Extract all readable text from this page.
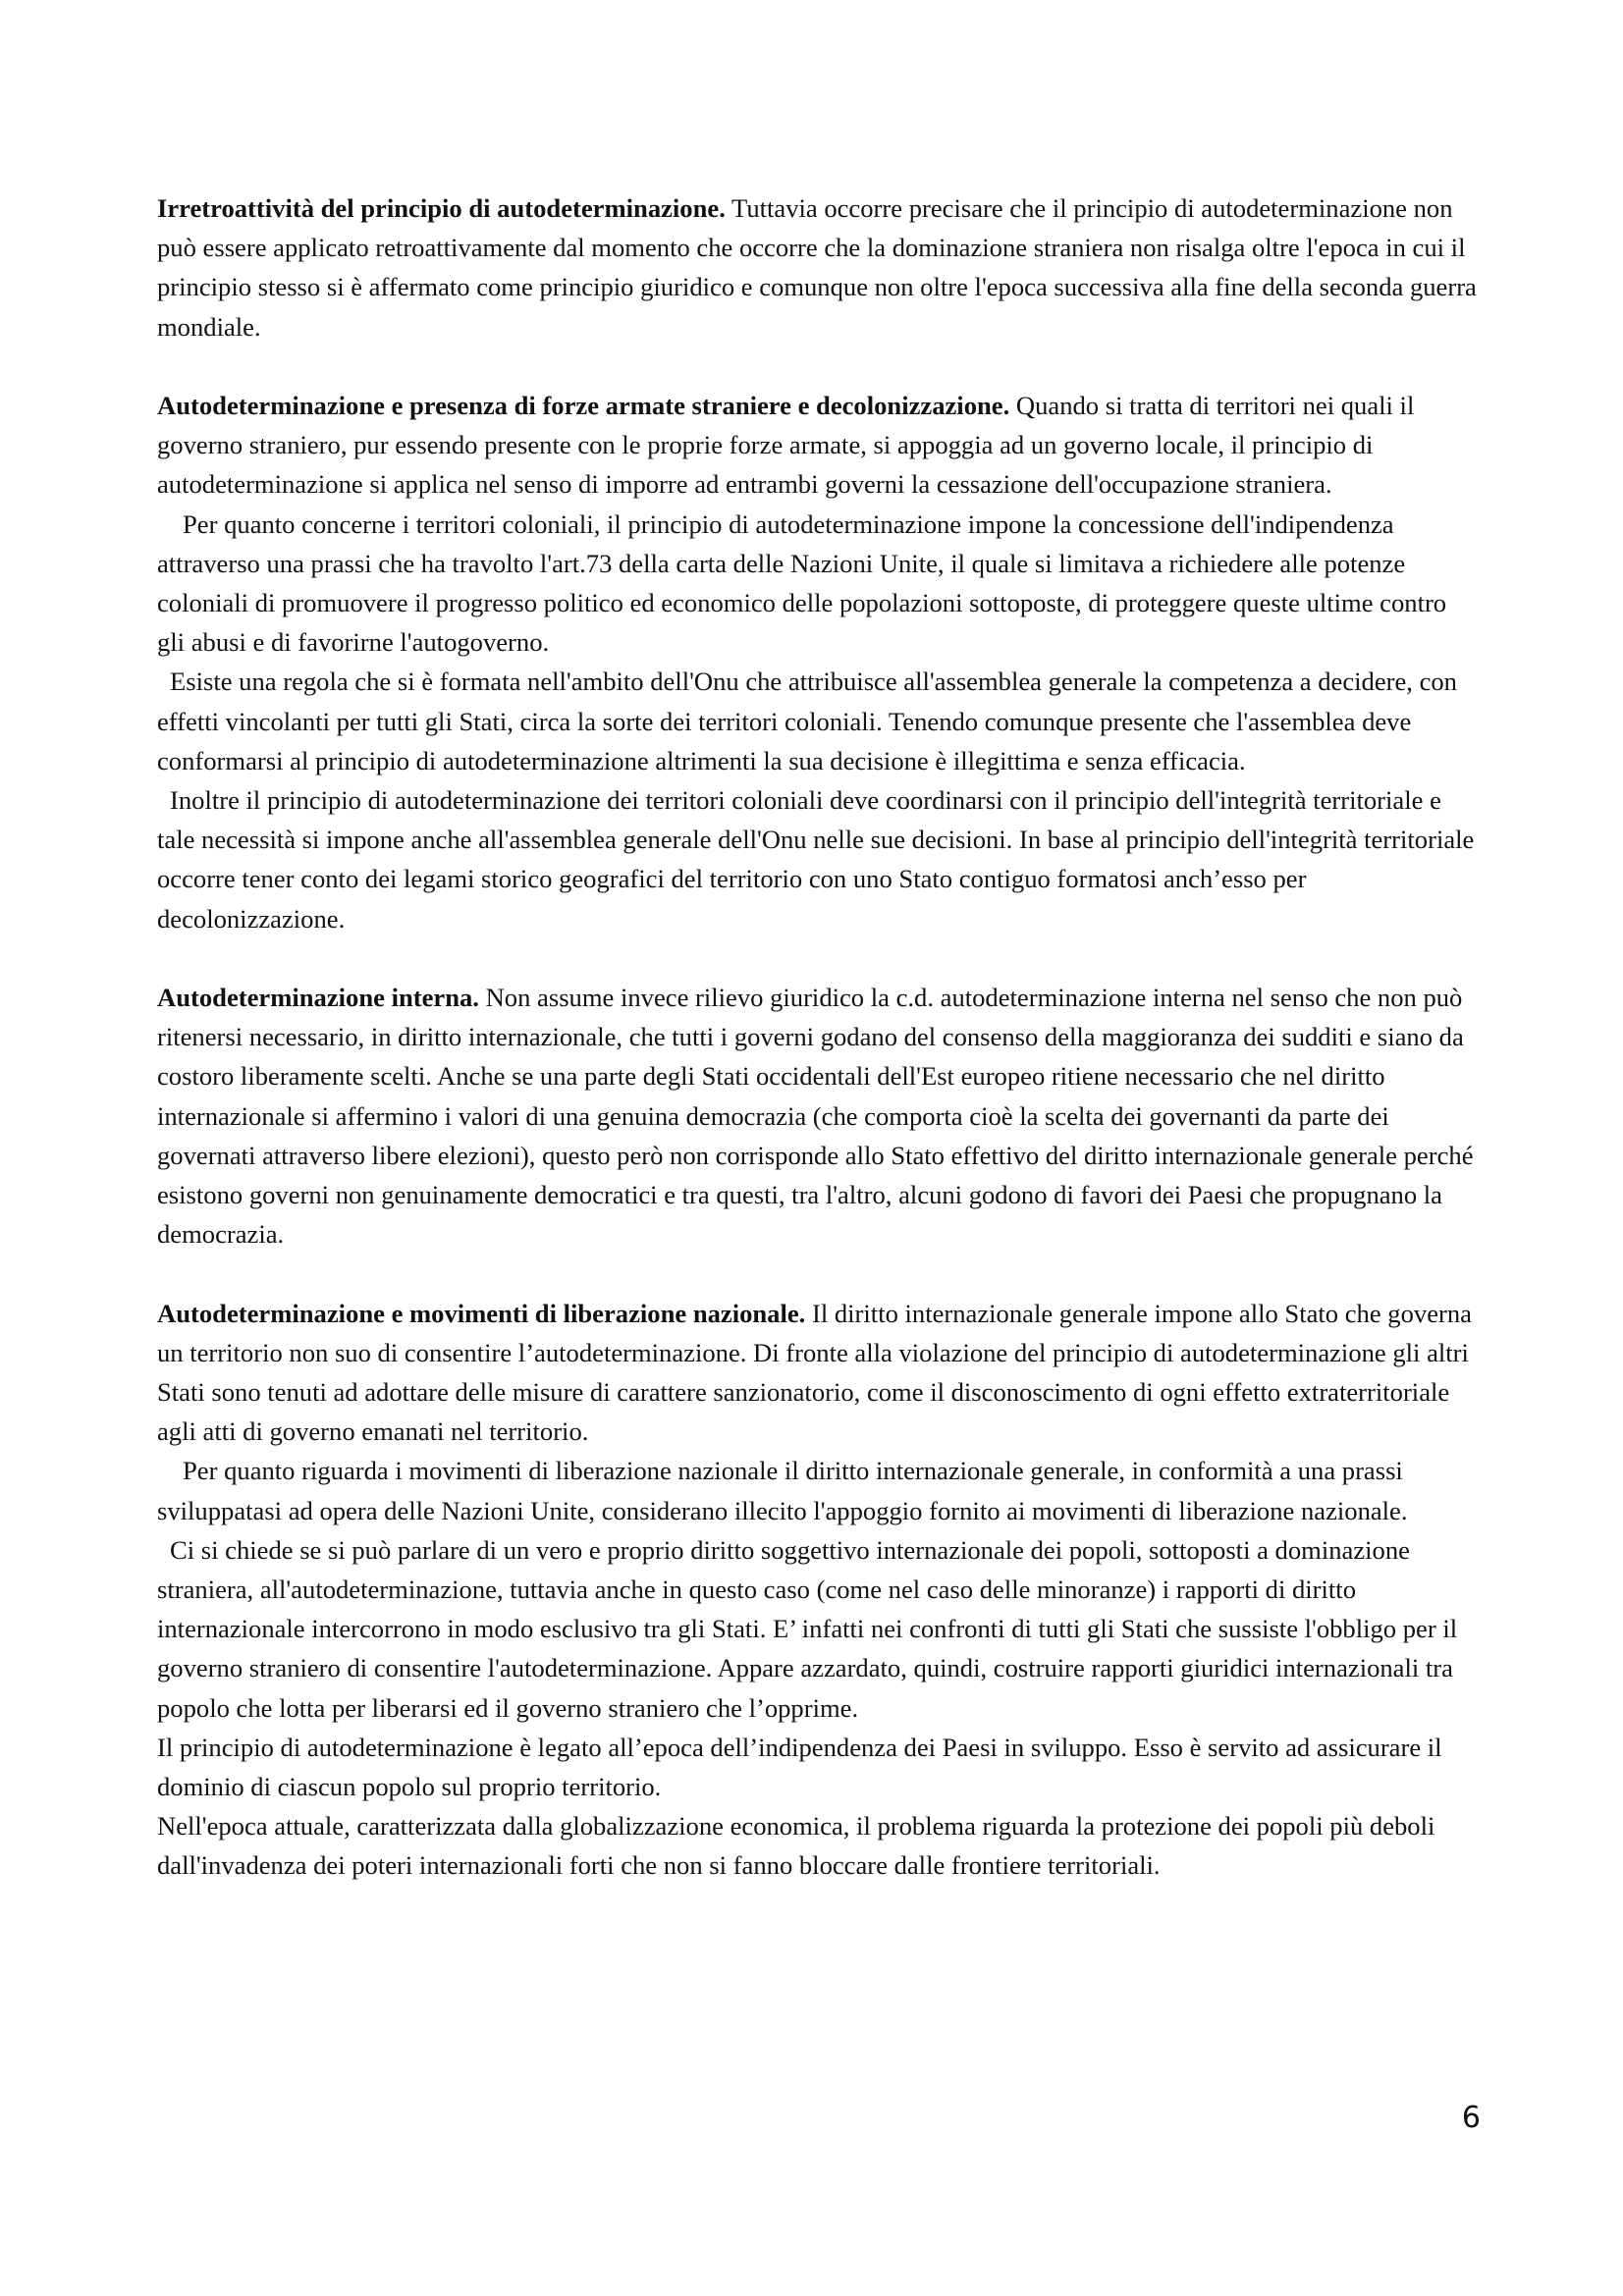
Irretroattività del principio di autodeterminazione. Tuttavia occorre precisare che il principio di autodeterminazione non può essere applicato retroattivamente dal momento che occorre che la dominazione straniera non risalga oltre l'epoca in cui il principio stesso si è affermato come principio giuridico e comunque non oltre l'epoca successiva alla fine della seconda guerra mondiale.

Autodeterminazione e presenza di forze armate straniere e decolonizzazione. Quando si tratta di territori nei quali il governo straniero, pur essendo presente con le proprie forze armate, si appoggia ad un governo locale, il principio di autodeterminazione si applica nel senso di imporre ad entrambi governi la cessazione dell'occupazione straniera.

Per quanto concerne i territori coloniali, il principio di autodeterminazione impone la concessione dell'indipendenza attraverso una prassi che ha travolto l'art.73 della carta delle Nazioni Unite, il quale si limitava a richiedere alle potenze coloniali di promuovere il progresso politico ed economico delle popolazioni sottoposte, di proteggere queste ultime contro gli abusi e di favorirne l'autogoverno.

Esiste una regola che si è formata nell'ambito dell'Onu che attribuisce all'assemblea generale la competenza a decidere, con effetti vincolanti per tutti gli Stati, circa la sorte dei territori coloniali. Tenendo comunque presente che l'assemblea deve conformarsi al principio di autodeterminazione altrimenti la sua decisione è illegittima e senza efficacia.

Inoltre il principio di autodeterminazione dei territori coloniali deve coordinarsi con il principio dell'integrità territoriale e tale necessità si impone anche all'assemblea generale dell'Onu nelle sue decisioni. In base al principio dell'integrità territoriale occorre tener conto dei legami storico geografici del territorio con uno Stato contiguo formatosi anch’esso per decolonizzazione.

Autodeterminazione interna. Non assume invece rilievo giuridico la c.d. autodeterminazione interna nel senso che non può ritenersi necessario, in diritto internazionale, che tutti i governi godano del consenso della maggioranza dei sudditi e siano da costoro liberamente scelti. Anche se una parte degli Stati occidentali dell'Est europeo ritiene necessario che nel diritto internazionale si affermino i valori di una genuina democrazia (che comporta cioè la scelta dei governanti da parte dei governati attraverso libere elezioni), questo però non corrisponde allo Stato effettivo del diritto internazionale generale perché esistono governi non genuinamente democratici e tra questi, tra l'altro, alcuni godono di favori dei Paesi che propugnano la democrazia.

Autodeterminazione e movimenti di liberazione nazionale. Il diritto internazionale generale impone allo Stato che governa un territorio non suo di consentire l’autodeterminazione. Di fronte alla violazione del principio di autodeterminazione gli altri Stati sono tenuti ad adottare delle misure di carattere sanzionatorio, come il disconoscimento di ogni effetto extraterritoriale agli atti di governo emanati nel territorio.

Per quanto riguarda i movimenti di liberazione nazionale il diritto internazionale generale, in conformità a una prassi sviluppatasi ad opera delle Nazioni Unite, considerano illecito l'appoggio fornito ai movimenti di liberazione nazionale.

Ci si chiede se si può parlare di un vero e proprio diritto soggettivo internazionale dei popoli, sottoposti a dominazione straniera, all'autodeterminazione, tuttavia anche in questo caso (come nel caso delle minoranze) i rapporti di diritto internazionale intercorrono in modo esclusivo tra gli Stati. E’ infatti nei confronti di tutti gli Stati che sussiste l'obbligo per il governo straniero di consentire l'autodeterminazione. Appare azzardato, quindi, costruire rapporti giuridici internazionali tra popolo che lotta per liberarsi ed il governo straniero che l’opprime.

Il principio di autodeterminazione è legato all’epoca dell’indipendenza dei Paesi in sviluppo. Esso è servito ad assicurare il dominio di ciascun popolo sul proprio territorio.

Nell'epoca attuale, caratterizzata dalla globalizzazione economica, il problema riguarda la protezione dei popoli più deboli dall'invadenza dei poteri internazionali forti che non si fanno bloccare dalle frontiere territoriali.

6
